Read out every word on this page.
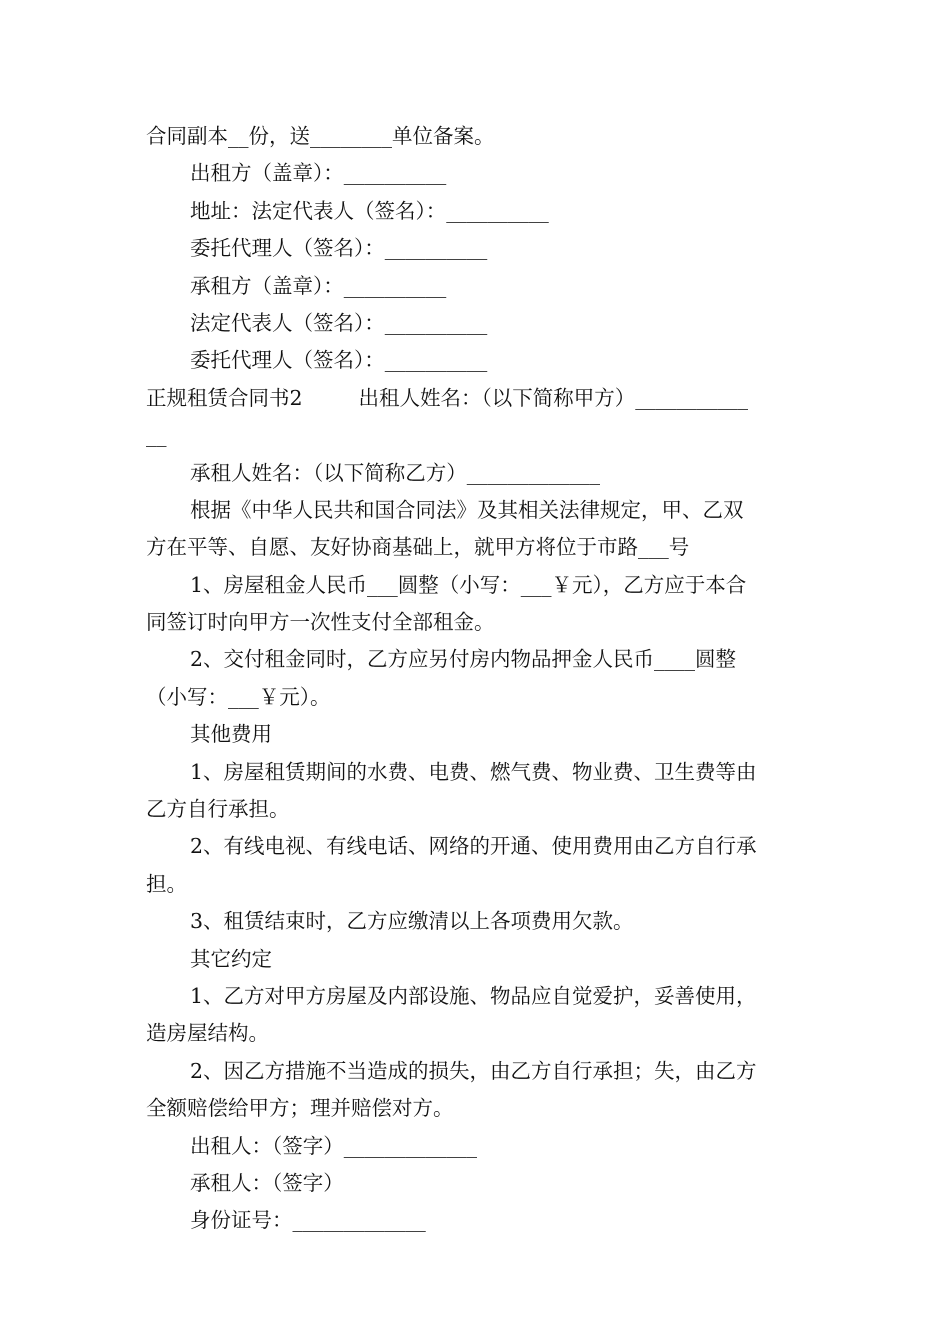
合同副本__份，送________单位备案。
出租方（盖章）：__________
地址：法定代表人（签名）：__________
委托代理人（签名）：__________
承租方（盖章）：__________
法定代表人（签名）：__________
委托代理人（签名）：__________
正规租赁合同书2	出租人姓名：（以下简称甲方）___________
__
承租人姓名：（以下简称乙方）_____________
根据《中华人民共和国合同法》及其相关法律规定，甲、乙双
方在平等、自愿、友好协商基础上，就甲方将位于市路___号
1、房屋租金人民币___圆整（小写：___￥元），乙方应于本合
同签订时向甲方一次性支付全部租金。
2、交付租金同时，乙方应另付房内物品押金人民币____圆整
（小写：___￥元）。
其他费用
1、房屋租赁期间的水费、电费、燃气费、物业费、卫生费等由
乙方自行承担。
2、有线电视、有线电话、网络的开通、使用费用由乙方自行承
担。
3、租赁结束时，乙方应缴清以上各项费用欠款。
其它约定
1、乙方对甲方房屋及内部设施、物品应自觉爱护，妥善使用，
造房屋结构。
2、因乙方措施不当造成的损失，由乙方自行承担；失，由乙方
全额赔偿给甲方；理并赔偿对方。
出租人：（签字）_____________
承租人：（签字）
身份证号：_____________
